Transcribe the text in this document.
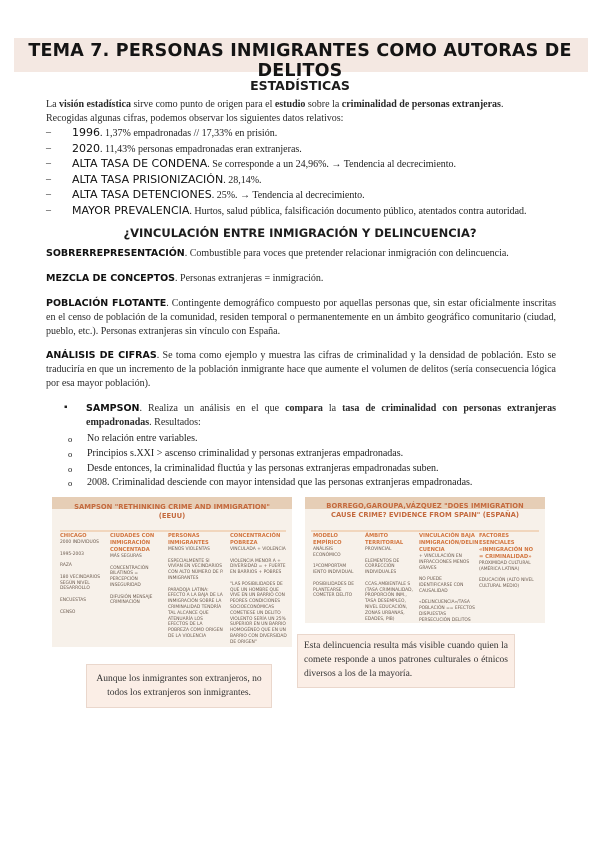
TEMA 7. PERSONAS INMIGRANTES COMO AUTORAS DE DELITOS
ESTADÍSTICAS
La visión estadística sirve como punto de origen para el estudio sobre la criminalidad de personas extranjeras.
Recogidas algunas cifras, podemos observar los siguientes datos relativos:
– 1996. 1,37% empadronadas // 17,33% en prisión.
– 2020. 11,43% personas empadronadas eran extranjeras.
– ALTA TASA DE CONDENA. Se corresponde a un 24,96%. → Tendencia al decrecimiento.
– ALTA TASA PRISIONIZACIÓN. 28,14%.
– ALTA TASA DETENCIONES. 25%. → Tendencia al decrecimiento.
– MAYOR PREVALENCIA. Hurtos, salud pública, falsificación documento público, atentados contra autoridad.
¿VINCULACIÓN ENTRE INMIGRACIÓN Y DELINCUENCIA?
SOBRERREPRESENTACIÓN. Combustible para voces que pretender relacionar inmigración con delincuencia.
MEZCLA DE CONCEPTOS. Personas extranjeras = inmigración.
POBLACIÓN FLOTANTE. Contingente demográfico compuesto por aquellas personas que, sin estar oficialmente inscritas en el censo de población de la comunidad, residen temporal o permanentemente en un ámbito geográfico comunitario (ciudad, pueblo, etc.). Personas extranjeras sin vínculo con España.
ANÁLISIS DE CIFRAS. Se toma como ejemplo y muestra las cifras de criminalidad y la densidad de población. Esto se traduciría en que un incremento de la población inmigrante hace que aumente el volumen de delitos (sería consecuencia lógica por esa mayor población).
▪ SAMPSON. Realiza un análisis en el que compara la tasa de criminalidad con personas extranjeras empadronadas. Resultados:
o No relación entre variables.
o Principios s.XXI > ascenso criminalidad y personas extranjeras empadronadas.
o Desde entonces, la criminalidad fluctúa y las personas extranjeras empadronadas suben.
o 2008. Criminalidad desciende con mayor intensidad que las personas extranjeras empadronadas.
SAMPSON "RETHINKING CRIME AND IMMIGRATION" (EEUU)
CHICAGO
2000 INDIVIDUOS

1995-2003

RAZA

180 VECINDARIOS SEGÚN NIVEL DESARROLLO

ENCUESTAS

CENSO
CIUDADES CON INMIGRACIÓN CONCENTADA
MÁS SEGURAS

CONCENTRACIÓN BILATINOS = PERCEPCIÓN INSEGURIDAD

DIFUSIÓN MENSAJE CRIMINACIÓN
PERSONAS INMIGRANTES
MENOS VIOLENTAS

ESPECIALMENTE SI VIVÍAN EN VECINDARIOS CON ALTO NÚMERO DE P. INMIGRANTES

PARADOJA LATINA: EFECTO A LA BAJA DE LA INMIGRACIÓN SOBRE LA CRIMINALIDAD TENDRÍA TAL ALCANCE QUE ATENUARÍA LOS EFECTOS DE LA POBREZA COMO ORIGEN DE LA VIOLENCIA
CONCENTRACIÓN POBREZA
VINCULADA + VIOLENCIA

VIOLENCIA MENOR A + DIVERSIDAD = + FUERTE EN BARRIOS + POBRES

"LAS POSIBILIDADES DE QUE UN HOMBRE QUE VIVE EN UN BARRIO CON PEORES CONDICIONES SOCIOECONÓMICAS COMETIESE UN DELITO VIOLENTO SERÍA UN 25% SUPERIOR EN UN BARRIO HOMOGÉNEO QUE EN UN BARRIO CON DIVERSIDAD DE ORIGEN"
BORREGO,GAROUPA,VÁZQUEZ "DOES IMMIGRATION CAUSE CRIME? EVIDENCE FROM SPAIN" (ESPAÑA)
MODELO EMPÍRICO
ANÁLISIS ECONÓMICO

1ºCOMPORTAM IENTO INDIVIDUAL

POSIBILIDADES DE PLANTEARSE COMETER DELITO
ÁMBITO TERRITORIAL
PROVINCIAL

ELEMENTOS DE CORRECCIÓN INDIVIDUALES

CCAS.AMBIENTALE S (TASA CRIMINALIDAD, PROPORCIÓN INM., TASA DESEMPLEO, NIVEL EDUCACIÓN, ZONAS URBANAS, EDADES, PIB)
VINCULACIÓN BAJA INMIGRACIÓN/DELIN CUENCIA
+ VINCULACIÓN EN INFRACCIONES MENOS GRAVES

NO PUEDE IDENTIFICARSE CON CAUSALIDAD

«DELINCUENCIA»/TASA POBLACIÓN == EFECTOS DISPUESTAS PERSECUCIÓN DELITOS
FACTORES ESENCIALES «INMIGRACIÓN NO = CRIMINALIDAD»
PROXIMIDAD CULTURAL (AMÉRICA LATINA)

EDUCACIÓN (ALTO NIVEL CULTURAL MEDIO)
Aunque los inmigrantes son extranjeros, no todos los extranjeros son inmigrantes.
Esta delincuencia resulta más visible cuando quien la comete responde a unos patrones culturales o étnicos diversos a los de la mayoría.
